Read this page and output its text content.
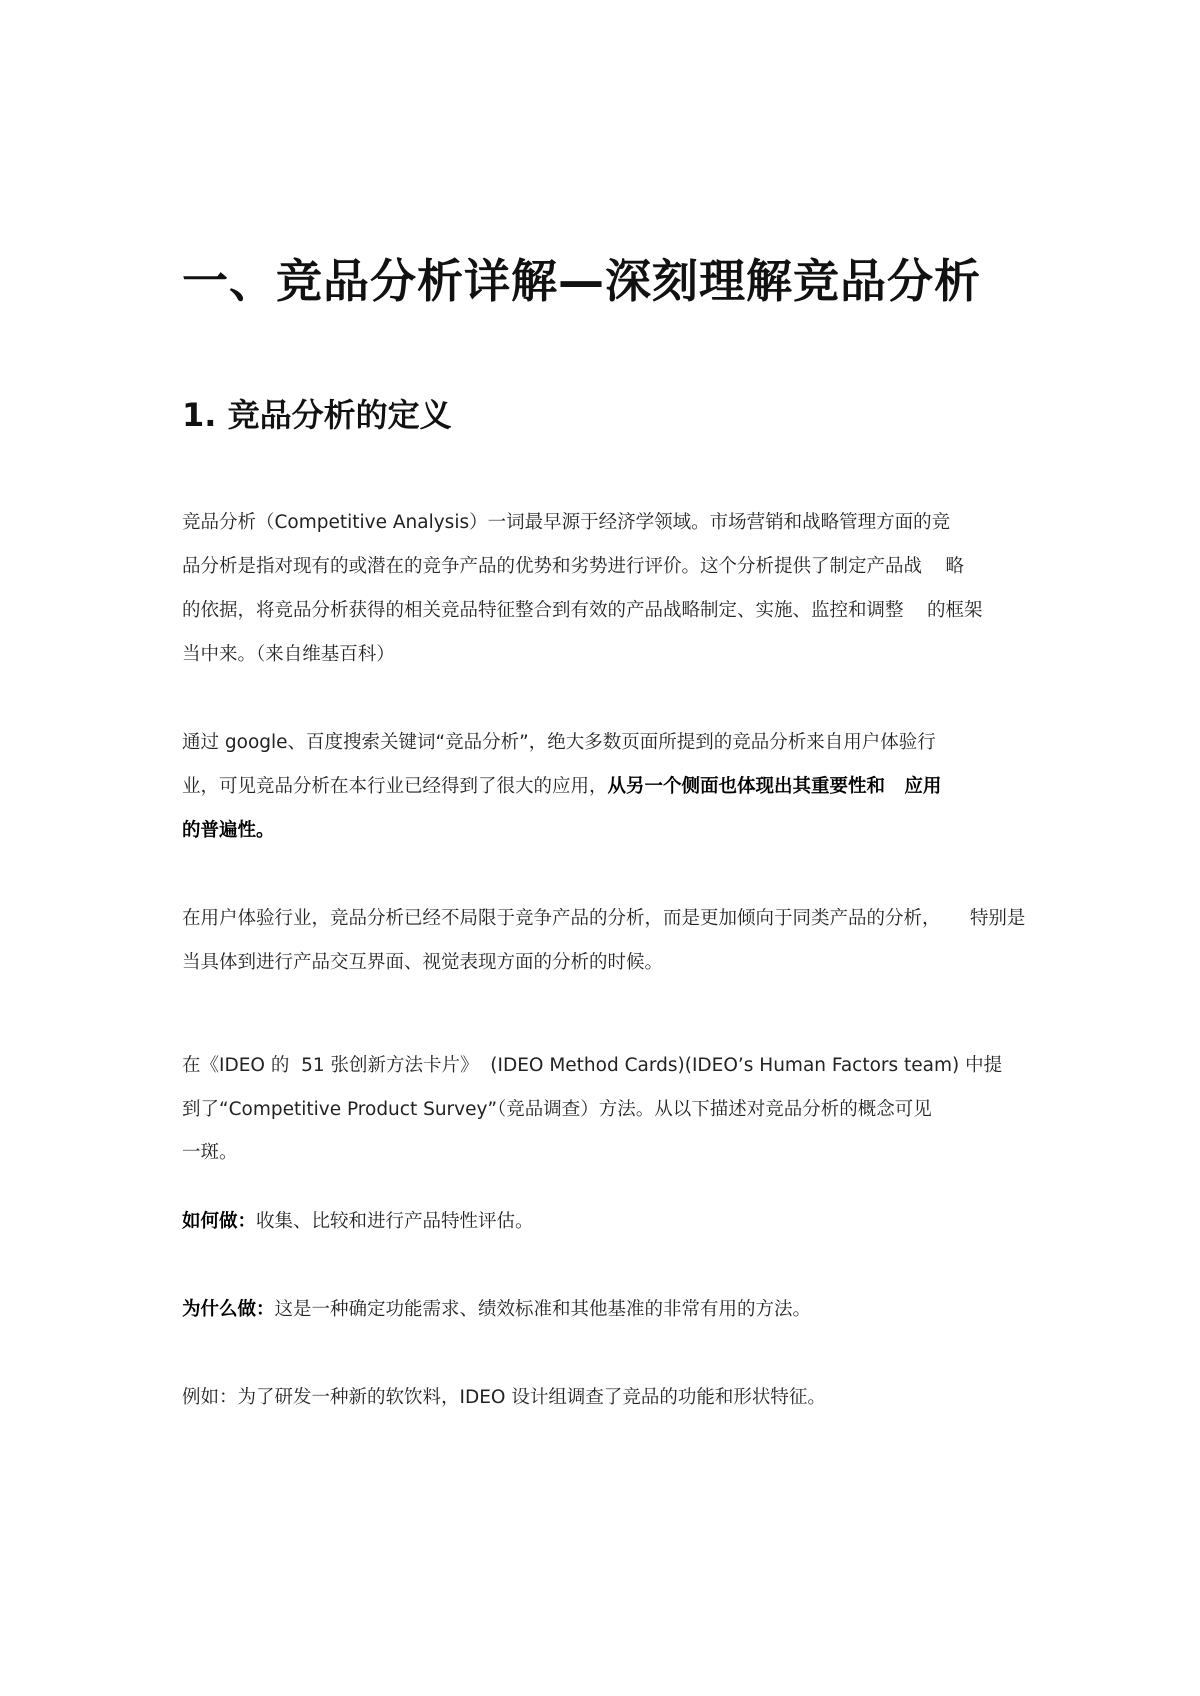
一、竞品分析详解—深刻理解竞品分析
1. 竞品分析的定义
竞品分析（Competitive Analysis）一词最早源于经济学领域。市场营销和战略管理方面的竞
品分析是指对现有的或潜在的竞争产品的优势和劣势进行评价。这个分析提供了制定产品战    略
的依据，将竞品分析获得的相关竞品特征整合到有效的产品战略制定、实施、监控和调整    的框架
当中来。（来自维基百科）
通过 google、百度搜索关键词“竞品分析”，绝大多数页面所提到的竞品分析来自用户体验行
业，可见竞品分析在本行业已经得到了很大的应用，从另一个侧面也体现出其重要性和   应用
的普遍性。
在用户体验行业，竞品分析已经不局限于竞争产品的分析，而是更加倾向于同类产品的分析，     特别是
当具体到进行产品交互界面、视觉表现方面的分析的时候。
在《IDEO 的  51 张创新方法卡片》  (IDEO Method Cards)(IDEO’s Human Factors team) 中提
到了“Competitive Product Survey”（竞品调查）方法。从以下描述对竞品分析的概念可见
一斑。
如何做：收集、比较和进行产品特性评估。
为什么做：这是一种确定功能需求、绩效标准和其他基准的非常有用的方法。
例如：为了研发一种新的软饮料，IDEO 设计组调查了竞品的功能和形状特征。
